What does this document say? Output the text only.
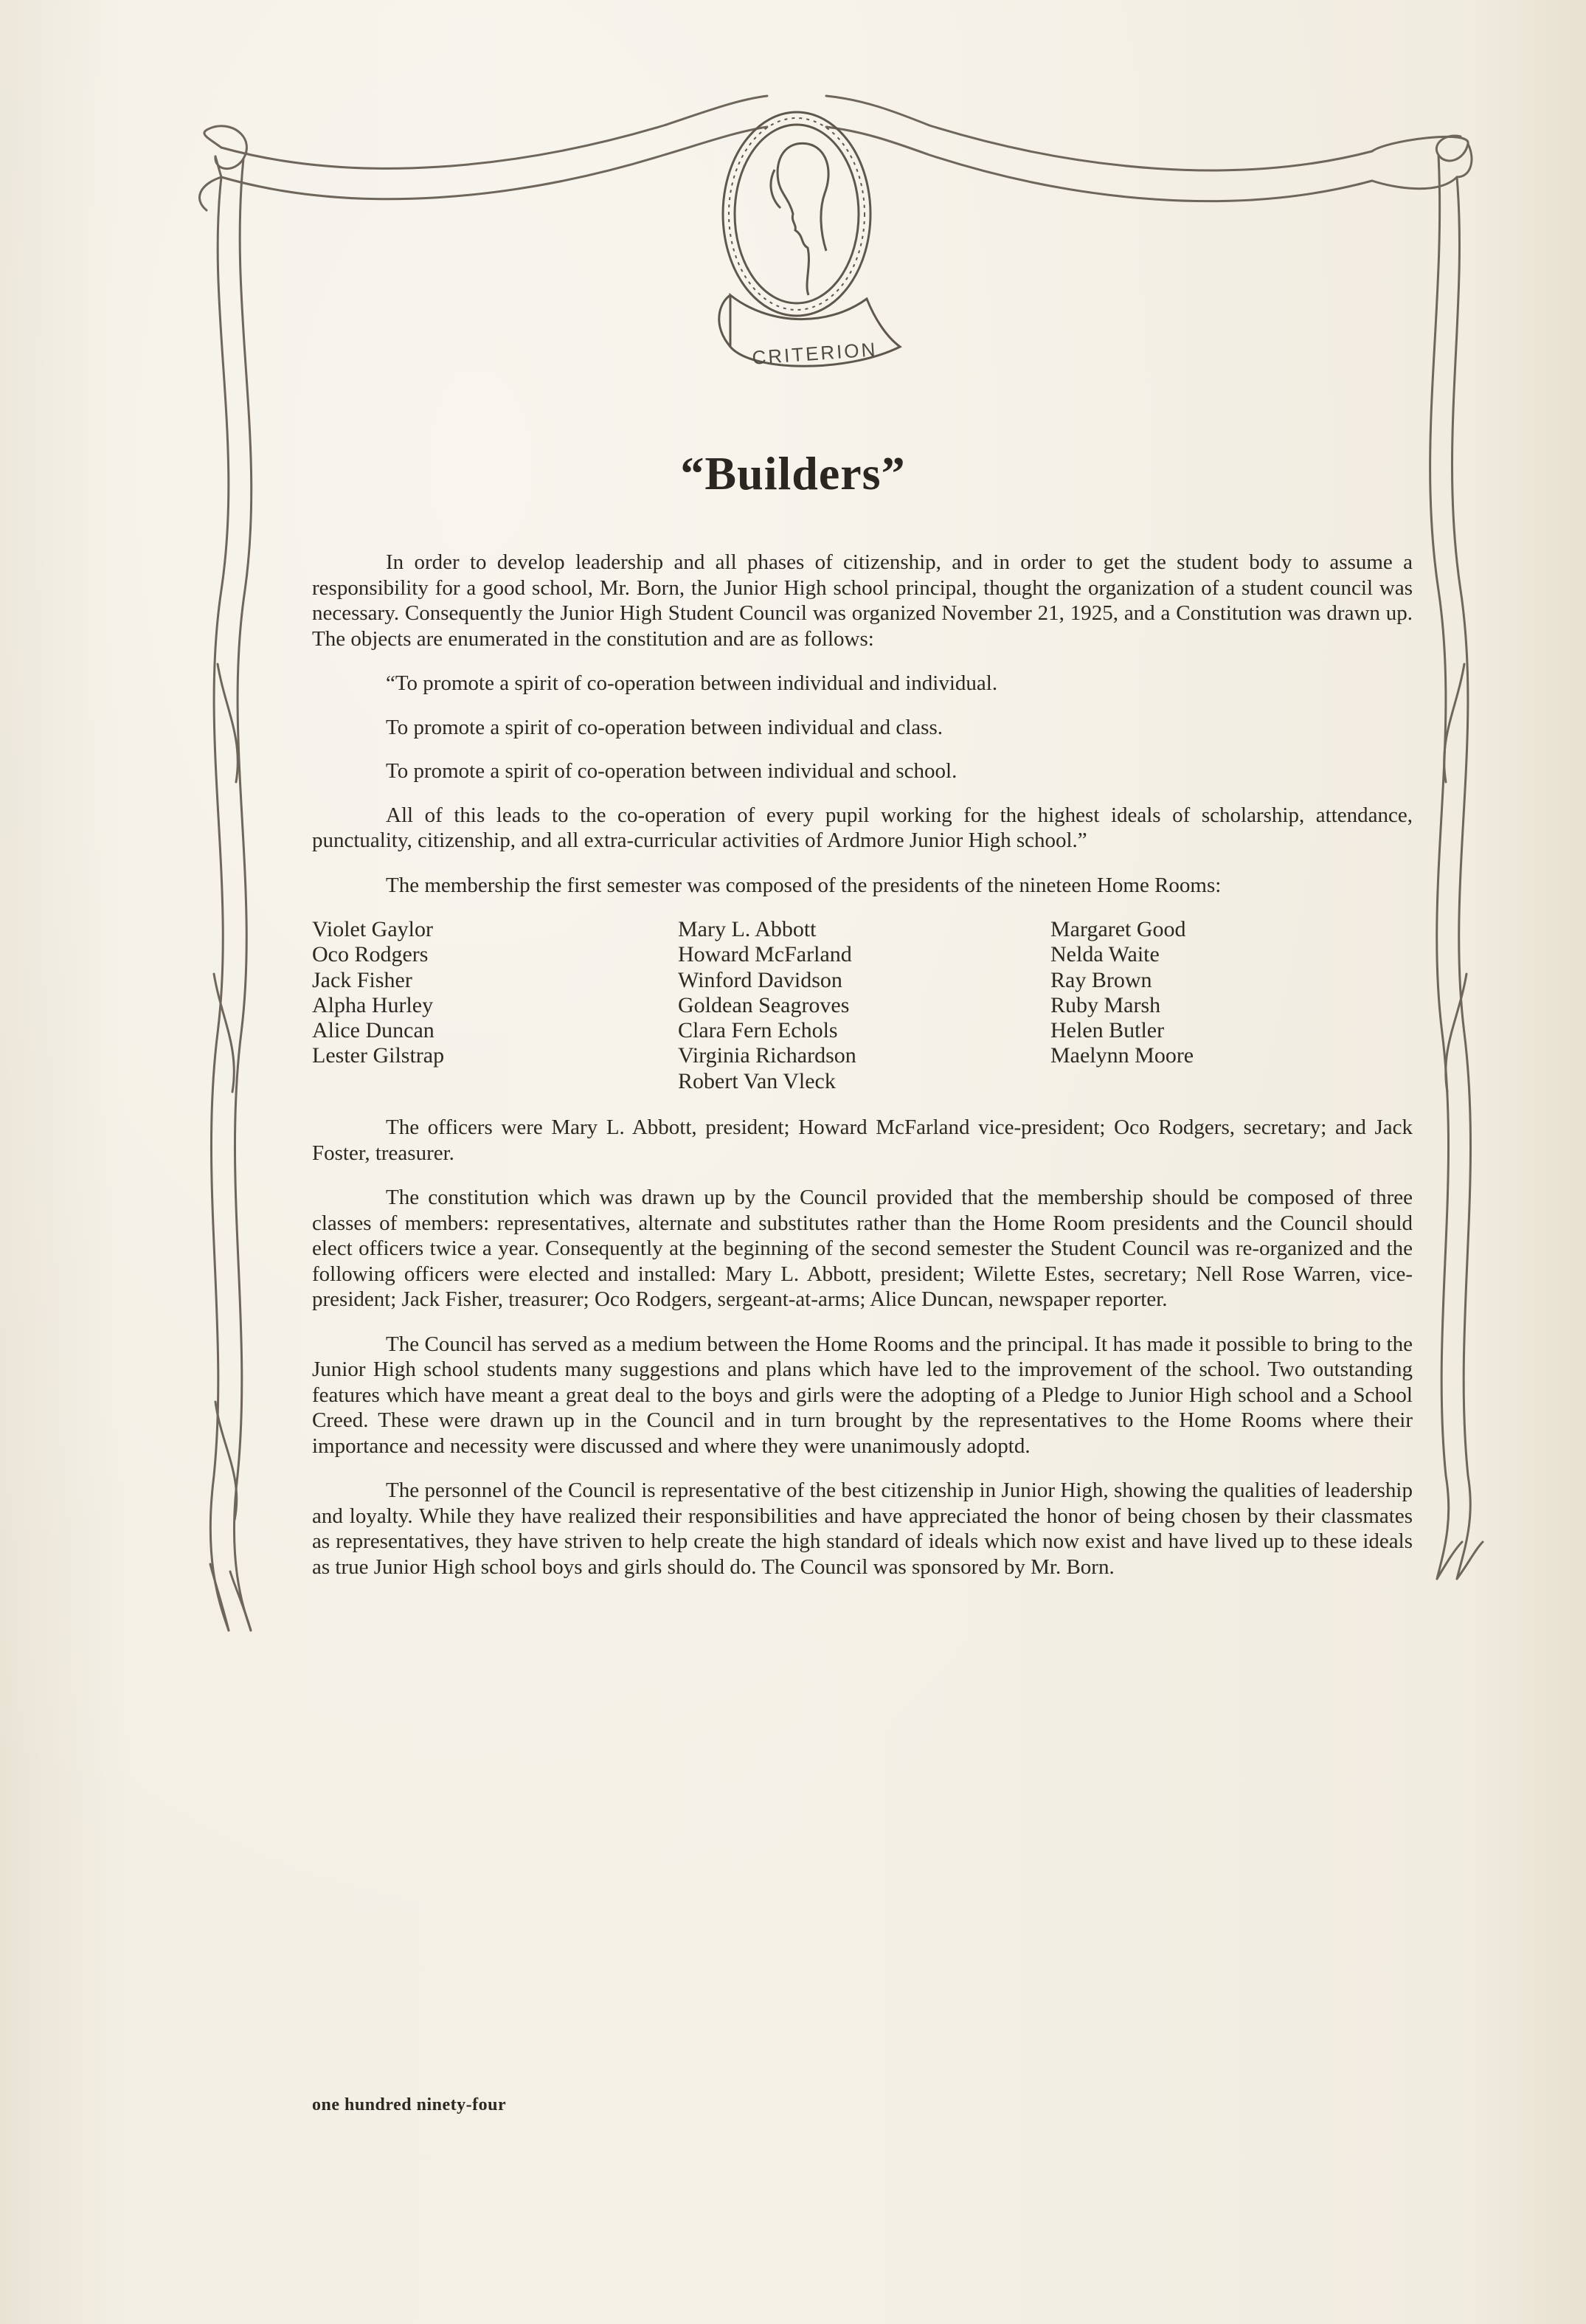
CRITERION
“Builders”

In order to develop leadership and all phases of citizenship, and in order to get the student body to assume a responsibility for a good school, Mr. Born, the Junior High school principal, thought the organization of a student council was necessary. Consequently the Junior High Student Council was organized November 21, 1925, and a Constitution was drawn up. The objects are enumerated in the constitution and are as follows:

“To promote a spirit of co-operation between individual and individual.

To promote a spirit of co-operation between individual and class.

To promote a spirit of co-operation between individual and school.

All of this leads to the co-operation of every pupil working for the highest ideals of scholarship, attendance, punctuality, citizenship, and all extra-curricular activities of Ardmore Junior High school.”

The membership the first semester was composed of the presidents of the nineteen Home Rooms:

Violet Gaylor
Oco Rodgers
Jack Fisher
Alpha Hurley
Alice Duncan
Lester Gilstrap
Mary L. Abbott
Howard McFarland
Winford Davidson
Goldean Seagroves
Clara Fern Echols
Virginia Richardson
Robert Van Vleck
Margaret Good
Nelda Waite
Ray Brown
Ruby Marsh
Helen Butler
Maelynn Moore

The officers were Mary L. Abbott, president; Howard McFarland vice-president; Oco Rodgers, secretary; and Jack Foster, treasurer.

The constitution which was drawn up by the Council provided that the membership should be composed of three classes of members: representatives, alternate and substitutes rather than the Home Room presidents and the Council should elect officers twice a year. Consequently at the beginning of the second semester the Student Council was re-organized and the following officers were elected and installed: Mary L. Abbott, president; Wilette Estes, secretary; Nell Rose Warren, vice-president; Jack Fisher, treasurer; Oco Rodgers, sergeant-at-arms; Alice Duncan, newspaper reporter.

The Council has served as a medium between the Home Rooms and the principal. It has made it possible to bring to the Junior High school students many suggestions and plans which have led to the improvement of the school. Two outstanding features which have meant a great deal to the boys and girls were the adopting of a Pledge to Junior High school and a School Creed. These were drawn up in the Council and in turn brought by the representatives to the Home Rooms where their importance and necessity were discussed and where they were unanimously adoptd.

The personnel of the Council is representative of the best citizenship in Junior High, showing the qualities of leadership and loyalty. While they have realized their responsibilities and have appreciated the honor of being chosen by their classmates as representatives, they have striven to help create the high standard of ideals which now exist and have lived up to these ideals as true Junior High school boys and girls should do. The Council was sponsored by Mr. Born.

one hundred ninety-four
